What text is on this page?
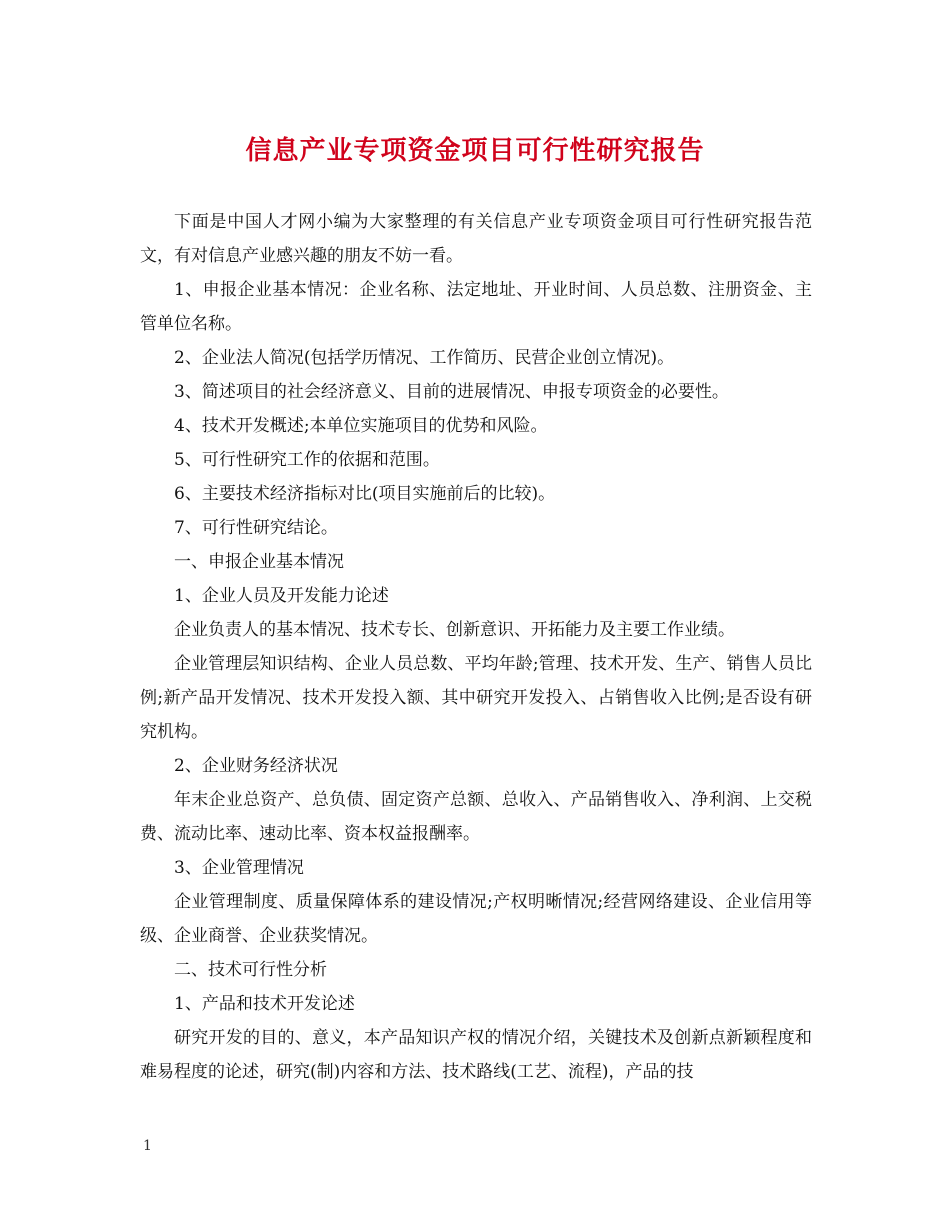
信息产业专项资金项目可行性研究报告

下面是中国人才网小编为大家整理的有关信息产业专项资金项目可行性研究报告范文，有对信息产业感兴趣的朋友不妨一看。

1、申报企业基本情况：企业名称、法定地址、开业时间、人员总数、注册资金、主管单位名称。

2、企业法人简况(包括学历情况、工作简历、民营企业创立情况)。

3、简述项目的社会经济意义、目前的进展情况、申报专项资金的必要性。

4、技术开发概述;本单位实施项目的优势和风险。

5、可行性研究工作的依据和范围。

6、主要技术经济指标对比(项目实施前后的比较)。

7、可行性研究结论。

一、申报企业基本情况

1、企业人员及开发能力论述

企业负责人的基本情况、技术专长、创新意识、开拓能力及主要工作业绩。

企业管理层知识结构、企业人员总数、平均年龄;管理、技术开发、生产、销售人员比例;新产品开发情况、技术开发投入额、其中研究开发投入、占销售收入比例;是否设有研究机构。

2、企业财务经济状况

年末企业总资产、总负债、固定资产总额、总收入、产品销售收入、净利润、上交税费、流动比率、速动比率、资本权益报酬率。

3、企业管理情况

企业管理制度、质量保障体系的建设情况;产权明晰情况;经营网络建设、企业信用等级、企业商誉、企业获奖情况。

二、技术可行性分析

1、产品和技术开发论述

研究开发的目的、意义，本产品知识产权的情况介绍，关键技术及创新点新颖程度和难易程度的论述，研究(制)内容和方法、技术路线(工艺、流程)，产品的技

1
